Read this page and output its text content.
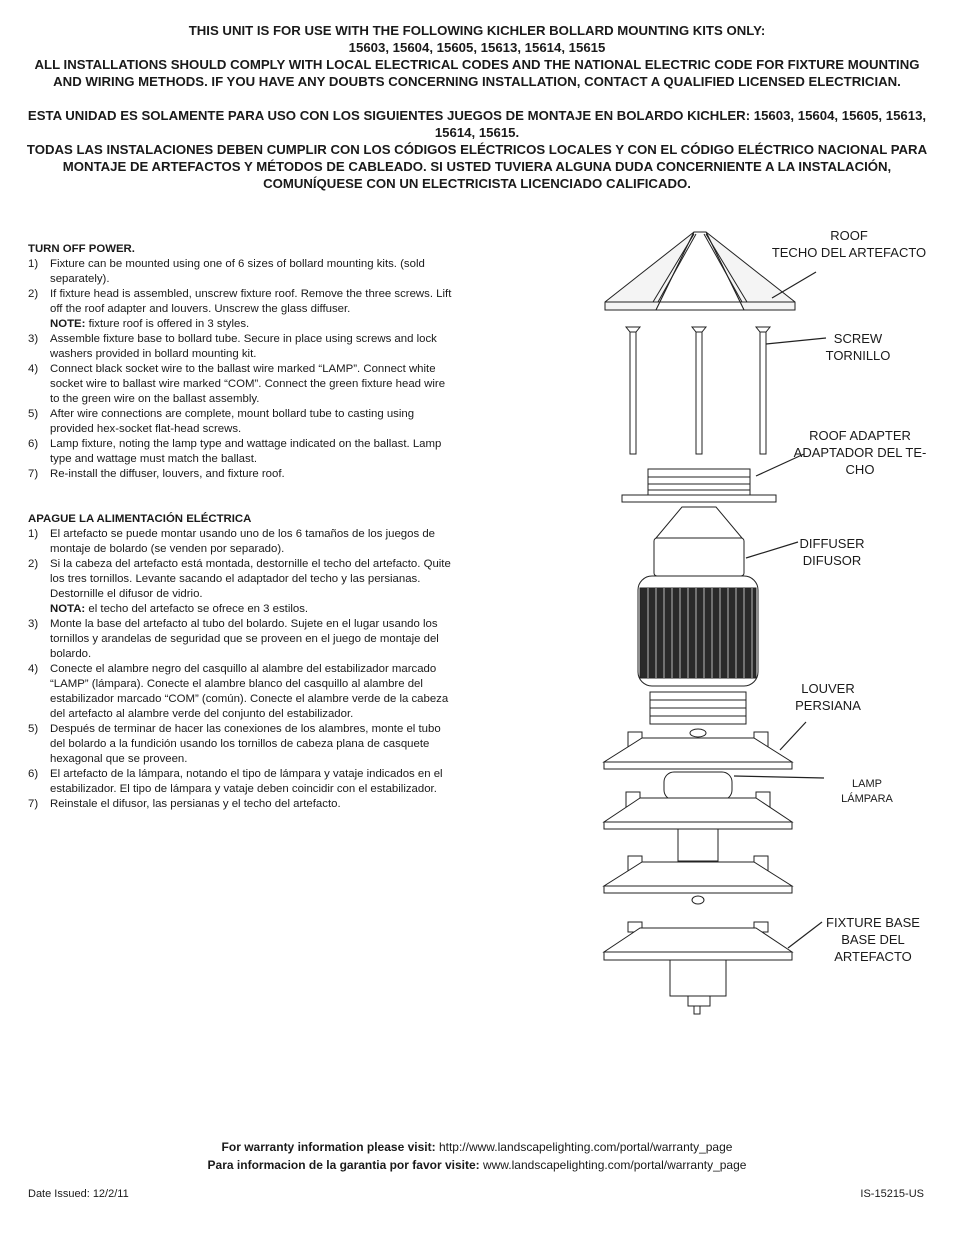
THIS UNIT IS FOR USE WITH THE FOLLOWING KICHLER BOLLARD MOUNTING KITS ONLY:

15603, 15604, 15605, 15613, 15614, 15615

ALL INSTALLATIONS SHOULD COMPLY WITH LOCAL ELECTRICAL CODES AND THE NATIONAL ELECTRIC CODE FOR FIXTURE MOUNTING AND WIRING METHODS. IF YOU HAVE ANY DOUBTS CONCERNING INSTALLATION, CONTACT A QUALIFIED LICENSED ELECTRICIAN.

ESTA UNIDAD ES SOLAMENTE PARA USO CON LOS SIGUIENTES JUEGOS DE MONTAJE EN BOLARDO KICHLER: 15603, 15604, 15605, 15613, 15614, 15615.

TODAS LAS INSTALACIONES DEBEN CUMPLIR CON LOS CÓDIGOS ELÉCTRICOS LOCALES Y CON EL CÓDIGO ELÉCTRICO NACIONAL PARA MONTAJE DE ARTEFACTOS Y MÉTODOS DE CABLEADO. SI USTED TUVIERA ALGUNA DUDA CONCERNIENTE A LA INSTALACIÓN, COMUNÍQUESE CON UN ELECTRICISTA LICENCIADO CALIFICADO.

TURN OFF POWER.

1) Fixture can be mounted using one of 6 sizes of bollard mounting kits. (sold separately).
2) If fixture head is assembled, unscrew fixture roof. Remove the three screws. Lift off the roof adapter and louvers. Unscrew the glass diffuser.
NOTE: fixture roof is offered in 3 styles.
3) Assemble fixture base to bollard tube. Secure in place using screws and lock washers provided in bollard mounting kit.
4) Connect black socket wire to the ballast wire marked “LAMP”. Connect white socket wire to ballast wire marked “COM”. Connect the green fixture head wire to the green wire on the ballast assembly.
5) After wire connections are complete, mount bollard tube to casting using provided hex-socket flat-head screws.
6) Lamp fixture, noting the lamp type and wattage indicated on the ballast. Lamp type and wattage must match the ballast.
7) Re-install the diffuser, louvers, and fixture roof.

APAGUE LA ALIMENTACIÓN ELÉCTRICA

1) El artefacto se puede montar usando uno de los 6 tamaños de los juegos de montaje de bolardo (se venden por separado).
2) Si la cabeza del artefacto está montada, destornille el techo del artefacto. Quite los tres tornillos. Levante sacando el adaptador del techo y las persianas. Destornille el difusor de vidrio.
NOTA: el techo del artefacto se ofrece en 3 estilos.
3) Monte la base del artefacto al tubo del bolardo. Sujete en el lugar usando los tornillos y arandelas de seguridad que se proveen en el juego de montaje del bolardo.
4) Conecte el alambre negro del casquillo al alambre del estabilizador marcado “LAMP” (lámpara). Conecte el alambre blanco del casquillo al alambre del estabilizador marcado “COM” (común). Conecte el alambre verde de la cabeza del artefacto al alambre verde del conjunto del estabilizador.
5) Después de terminar de hacer las conexiones de los alambres, monte el tubo del bolardo a la fundición usando los tornillos de cabeza plana de casquete hexagonal que se proveen.
6) El artefacto de la lámpara, notando el tipo de lámpara y vataje indicados en el estabilizador. El tipo de lámpara y vataje deben coincidir con el estabilizador.
7) Reinstale el difusor, las persianas y el techo del artefacto.
ROOF
TECHO DEL ARTEFACTO
SCREW
TORNILLO
ROOF ADAPTER
ADAPTADOR DEL TE-
CHO
DIFFUSER
DIFUSOR
LOUVER
PERSIANA
LAMP
LÁMPARA
FIXTURE BASE
BASE DEL
ARTEFACTO
For warranty information please visit: http://www.landscapelighting.com/portal/warranty_page
Para informacion de la garantia por favor visite: www.landscapelighting.com/portal/warranty_page
Date Issued: 12/2/11	IS-15215-US
